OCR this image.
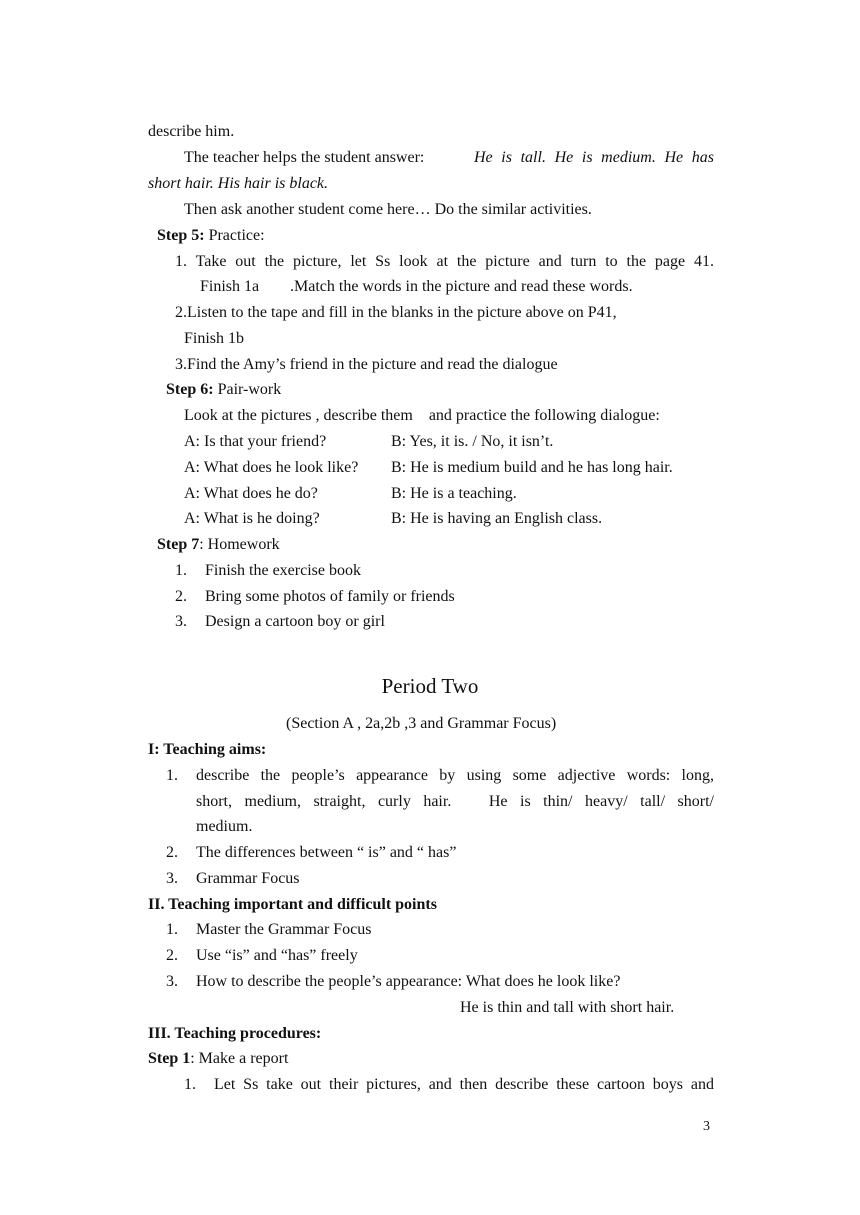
describe him.
The teacher helps the student answer:	He is tall. He is medium. He has
short hair. His hair is black.
Then ask another student come here… Do the similar activities.
Step 5: Practice:
1. Take out the picture, let Ss look at the picture and turn to the page 41.
Finish 1a .Match the words in the picture and read these words.
2.Listen to the tape and fill in the blanks in the picture above on P41,
Finish 1b
3.Find the Amy’s friend in the picture and read the dialogue
Step 6: Pair-work
Look at the pictures , describe them    and practice the following dialogue:
A: Is that your friend?	B: Yes, it is. / No, it isn’t.
A: What does he look like? B: He is medium build and he has long hair.
A: What does he do?	B: He is a teaching.
A: What is he doing?	B: He is having an English class.
Step 7: Homework
1. Finish the exercise book
2. Bring some photos of family or friends
3. Design a cartoon boy or girl
Period Two
(Section A , 2a,2b ,3 and Grammar Focus)
I: Teaching aims:
1. describe the people’s appearance by using some adjective words: long,
short, medium, straight, curly hair.   He is thin/ heavy/ tall/ short/
medium.
2. The differences between “ is” and “ has”
3. Grammar Focus
II. Teaching important and difficult points
1. Master the Grammar Focus
2. Use “is” and “has” freely
3. How to describe the people’s appearance: What does he look like?
He is thin and tall with short hair.
III. Teaching procedures:
Step 1: Make a report
1. Let Ss take out their pictures, and then describe these cartoon boys and
3
